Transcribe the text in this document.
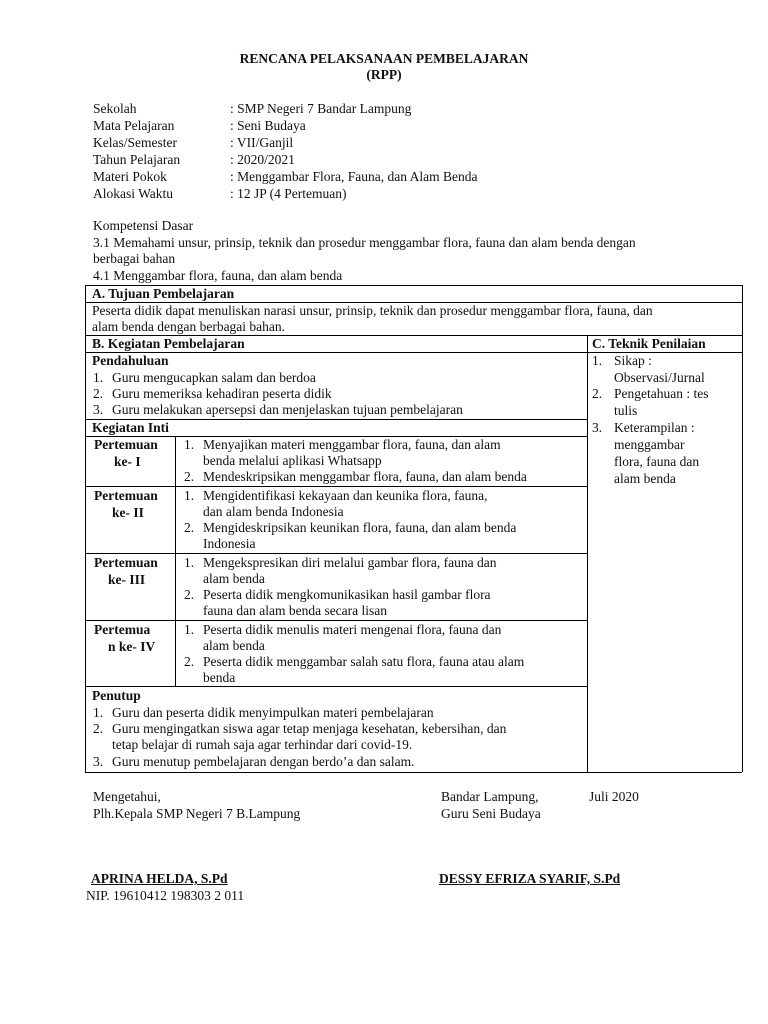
RENCANA PELAKSANAAN PEMBELAJARAN
(RPP)
Sekolah	: SMP Negeri 7 Bandar Lampung
Mata Pelajaran	: Seni Budaya
Kelas/Semester	: VII/Ganjil
Tahun Pelajaran	: 2020/2021
Materi Pokok	: Menggambar Flora, Fauna, dan Alam Benda
Alokasi Waktu	: 12 JP (4 Pertemuan)
Kompetensi Dasar
3.1 Memahami unsur, prinsip, teknik dan prosedur menggambar flora, fauna dan alam benda dengan
berbagai bahan
4.1 Menggambar flora, fauna, dan alam benda
A. Tujuan Pembelajaran
Peserta didik dapat menuliskan narasi unsur, prinsip, teknik dan prosedur menggambar flora, fauna, dan
alam benda dengan berbagai bahan.
B. Kegiatan Pembelajaran	C. Teknik Penilaian
Pendahuluan
1. Guru mengucapkan salam dan berdoa
2. Guru memeriksa kehadiran peserta didik
3. Guru melakukan apersepsi dan menjelaskan tujuan pembelajaran
Kegiatan Inti
Pertemuan
ke- I
1. Menyajikan materi menggambar flora, fauna, dan alam
benda melalui aplikasi Whatsapp
2. Mendeskripsikan menggambar flora, fauna, dan alam benda
Pertemuan
ke- II
1. Mengidentifikasi kekayaan dan keunika flora, fauna,
dan alam benda Indonesia
2. Mengideskripsikan keunikan flora, fauna, dan alam benda
Indonesia
Pertemuan
ke- III
1. Mengekspresikan diri melalui gambar flora, fauna dan
alam benda
2. Peserta didik mengkomunikasikan hasil gambar flora
fauna dan alam benda secara lisan
Pertemua
n ke- IV
1. Peserta didik menulis materi mengenai flora, fauna dan
alam benda
2. Peserta didik menggambar salah satu flora, fauna atau alam
benda
Penutup
1. Guru dan peserta didik menyimpulkan materi pembelajaran
2. Guru mengingatkan siswa agar tetap menjaga kesehatan, kebersihan, dan
tetap belajar di rumah saja agar terhindar dari covid-19.
3. Guru menutup pembelajaran dengan berdo’a dan salam.
1. Sikap :
Observasi/Jurnal
2. Pengetahuan : tes
tulis
3. Keterampilan :
menggambar
flora, fauna dan
alam benda
Mengetahui,
Plh.Kepala SMP Negeri 7 B.Lampung
Bandar Lampung,	Juli 2020
Guru Seni Budaya
APRINA HELDA, S.Pd
NIP. 19610412 198303 2 011
DESSY EFRIZA SYARIF, S.Pd
